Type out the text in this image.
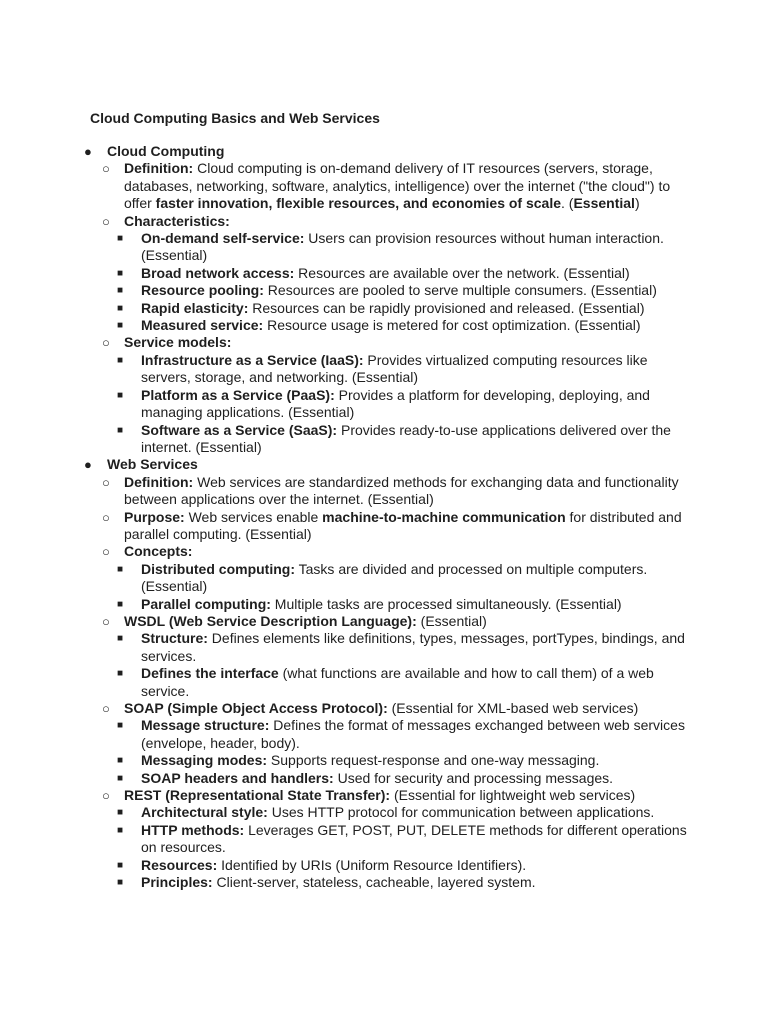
Cloud Computing Basics and Web Services
● Cloud Computing
○ Definition: Cloud computing is on-demand delivery of IT resources (servers, storage, databases, networking, software, analytics, intelligence) over the internet ("the cloud") to offer faster innovation, flexible resources, and economies of scale. (Essential)
○ Characteristics:
■ On-demand self-service: Users can provision resources without human interaction. (Essential)
■ Broad network access: Resources are available over the network. (Essential)
■ Resource pooling: Resources are pooled to serve multiple consumers. (Essential)
■ Rapid elasticity: Resources can be rapidly provisioned and released. (Essential)
■ Measured service: Resource usage is metered for cost optimization. (Essential)
○ Service models:
■ Infrastructure as a Service (IaaS): Provides virtualized computing resources like servers, storage, and networking. (Essential)
■ Platform as a Service (PaaS): Provides a platform for developing, deploying, and managing applications. (Essential)
■ Software as a Service (SaaS): Provides ready-to-use applications delivered over the internet. (Essential)
● Web Services
○ Definition: Web services are standardized methods for exchanging data and functionality between applications over the internet. (Essential)
○ Purpose: Web services enable machine-to-machine communication for distributed and parallel computing. (Essential)
○ Concepts:
■ Distributed computing: Tasks are divided and processed on multiple computers. (Essential)
■ Parallel computing: Multiple tasks are processed simultaneously. (Essential)
○ WSDL (Web Service Description Language): (Essential)
■ Structure: Defines elements like definitions, types, messages, portTypes, bindings, and services.
■ Defines the interface (what functions are available and how to call them) of a web service.
○ SOAP (Simple Object Access Protocol): (Essential for XML-based web services)
■ Message structure: Defines the format of messages exchanged between web services (envelope, header, body).
■ Messaging modes: Supports request-response and one-way messaging.
■ SOAP headers and handlers: Used for security and processing messages.
○ REST (Representational State Transfer): (Essential for lightweight web services)
■ Architectural style: Uses HTTP protocol for communication between applications.
■ HTTP methods: Leverages GET, POST, PUT, DELETE methods for different operations on resources.
■ Resources: Identified by URIs (Uniform Resource Identifiers).
■ Principles: Client-server, stateless, cacheable, layered system.
